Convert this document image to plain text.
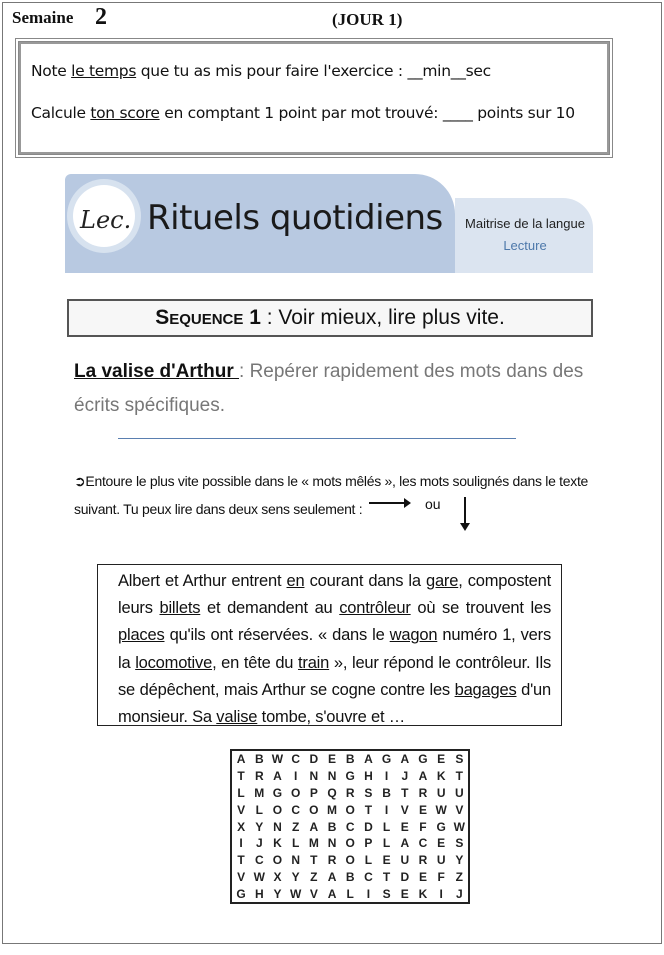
Semaine 2	(JOUR 1)
Note le temps que tu as mis pour faire l'exercice : __min__sec
Calcule ton score en comptant 1 point par mot trouvé: ____ points sur 10
Lec. Rituels quotidiens Maitrise de la langue
Lecture
Sequence 1 : Voir mieux, lire plus vite.
La valise d'Arthur : Repérer rapidement des mots dans des écrits spécifiques.
➲Entoure le plus vite possible dans le « mots mêlés », les mots soulignés dans le texte suivant. Tu peux lire dans deux sens seulement :	ou
Albert et Arthur entrent en courant dans la gare, compostent leurs billets et demandent au contrôleur où se trouvent les places qu'ils ont réservées. « dans le wagon numéro 1, vers la locomotive, en tête du train », leur répond le contrôleur. Ils se dépêchent, mais Arthur se cogne contre les bagages d'un monsieur. Sa valise tombe, s'ouvre et …
A	B	W	C	D	E	B	A	G	A	G	E	S
T	R	A	I	N	N	G	H	I	J	A	K	T
L	M	G	O	P	Q	R	S	B	T	R	U	U
V	L	O	C	O	M	O	T	I	V	E	W	V
X	Y	N	Z	A	B	C	D	L	E	F	G	W
I	J	K	L	M	N	O	P	L	A	C	E	S
T	C	O	N	T	R	O	L	E	U	R	U	Y
V	W	X	Y	Z	A	B	C	T	D	E	F	Z
G	H	Y	W	V	A	L	I	S	E	K	I	J
